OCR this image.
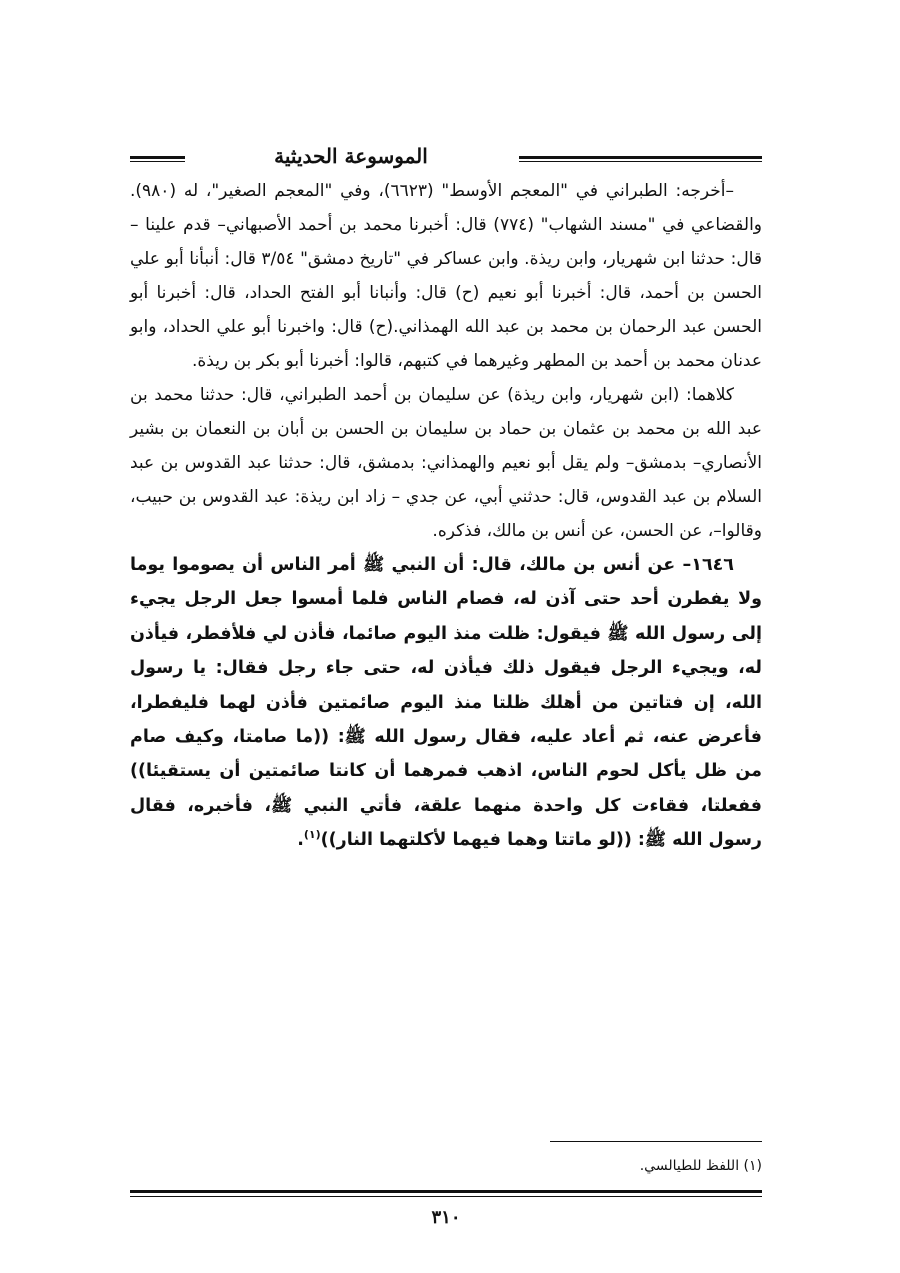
الموسوعة الحديثية

–أخرجه: الطبراني في "المعجم الأوسط" (٦٦٢٣)، وفي "المعجم الصغير"، له (٩٨٠). والقضاعي في "مسند الشهاب" (٧٧٤) قال: أخبرنا محمد بن أحمد الأصبهاني– قدم علينا – قال: حدثنا ابن شهريار، وابن ريذة. وابن عساكر في "تاريخ دمشق" ٣/٥٤ قال: أنبأنا أبو علي الحسن بن أحمد، قال: أخبرنا أبو نعيم (ح) قال: وأنبانا أبو الفتح الحداد، قال: أخبرنا أبو الحسن عبد الرحمان بن محمد بن عبد الله الهمذاني.(ح) قال: واخبرنا أبو علي الحداد، وابو عدنان محمد بن أحمد بن المطهر وغيرهما في كتبهم، قالوا: أخبرنا أبو بكر بن ريذة.

كلاهما: (ابن شهريار، وابن ريذة) عن سليمان بن أحمد الطبراني، قال: حدثنا محمد بن عبد الله بن محمد بن عثمان بن حماد بن سليمان بن الحسن بن أبان بن النعمان بن بشير الأنصاري– بدمشق– ولم يقل أبو نعيم والهمذاني: بدمشق، قال: حدثنا عبد القدوس بن عبد السلام بن عبد القدوس، قال: حدثني أبي، عن جدي – زاد ابن ريذة: عبد القدوس بن حبيب، وقالوا–، عن الحسن، عن أنس بن مالك، فذكره.

١٦٤٦– عن أنس بن مالك، قال: أن النبي ﷺ أمر الناس أن يصوموا يوما ولا يفطرن أحد حتى آذن له، فصام الناس فلما أمسوا جعل الرجل يجيء إلى رسول الله ﷺ فيقول: ظلت منذ اليوم صائما، فأذن لي فلأفطر، فيأذن له، ويجيء الرجل فيقول ذلك فيأذن له، حتى جاء رجل فقال: يا رسول الله، إن فتاتين من أهلك ظلتا منذ اليوم صائمتين فأذن لهما فليفطرا، فأعرض عنه، ثم أعاد عليه، فقال رسول الله ﷺ: ((ما صامتا، وكيف صام من ظل يأكل لحوم الناس، اذهب فمرهما أن كانتا صائمتين أن يستقيئا)) ففعلتا، فقاءت كل واحدة منهما علقة، فأتي النبي ﷺ، فأخبره، فقال رسول الله ﷺ: ((لو ماتتا وهما فيهما لأكلتهما النار))$^{(١)}$.

(١) اللفظ للطيالسي.

٣١٠
